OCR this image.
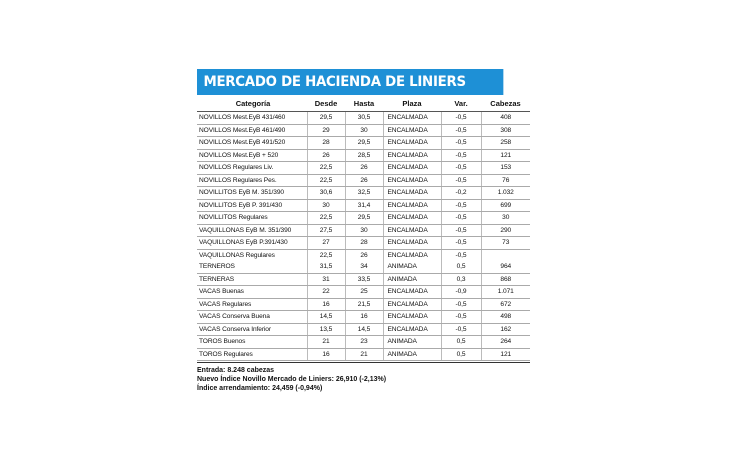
MERCADO DE HACIENDA DE LINIERS
Categoría	Desde	Hasta	Plaza	Var.	Cabezas
NOVILLOS Mest.EyB 431/460	29,5	30,5	ENCALMADA	-0,5	408
NOVILLOS Mest.EyB 461/490	29	30	ENCALMADA	-0,5	308
NOVILLOS Mest.EyB 491/520	28	29,5	ENCALMADA	-0,5	258
NOVILLOS Mest.EyB + 520	26	28,5	ENCALMADA	-0,5	121
NOVILLOS Regulares Liv.	22,5	26	ENCALMADA	-0,5	153
NOVILLOS Regulares Pes.	22,5	26	ENCALMADA	-0,5	76
NOVILLITOS EyB M. 351/390	30,6	32,5	ENCALMADA	-0,2	1.032
NOVILLITOS EyB P. 391/430	30	31,4	ENCALMADA	-0,5	699
NOVILLITOS Regulares	22,5	29,5	ENCALMADA	-0,5	30
VAQUILLONAS EyB M. 351/390	27,5	30	ENCALMADA	-0,5	290
VAQUILLONAS EyB P.391/430	27	28	ENCALMADA	-0,5	73
VAQUILLONAS Regulares	22,5	26	ENCALMADA	-0,5	
TERNEROS	31,5	34	ANIMADA	0,5	964
TERNERAS	31	33,5	ANIMADA	0,3	868
VACAS Buenas	22	25	ENCALMADA	-0,9	1.071
VACAS Regulares	16	21,5	ENCALMADA	-0,5	672
VACAS Conserva Buena	14,5	16	ENCALMADA	-0,5	498
VACAS Conserva Inferior	13,5	14,5	ENCALMADA	-0,5	162
TOROS Buenos	21	23	ANIMADA	0,5	264
TOROS Regulares	16	21	ANIMADA	0,5	121
Entrada: 8.248 cabezas
Nuevo Índice Novillo Mercado de Liniers: 26,910 (-2,13%)
Índice arrendamiento: 24,459 (-0,94%)
